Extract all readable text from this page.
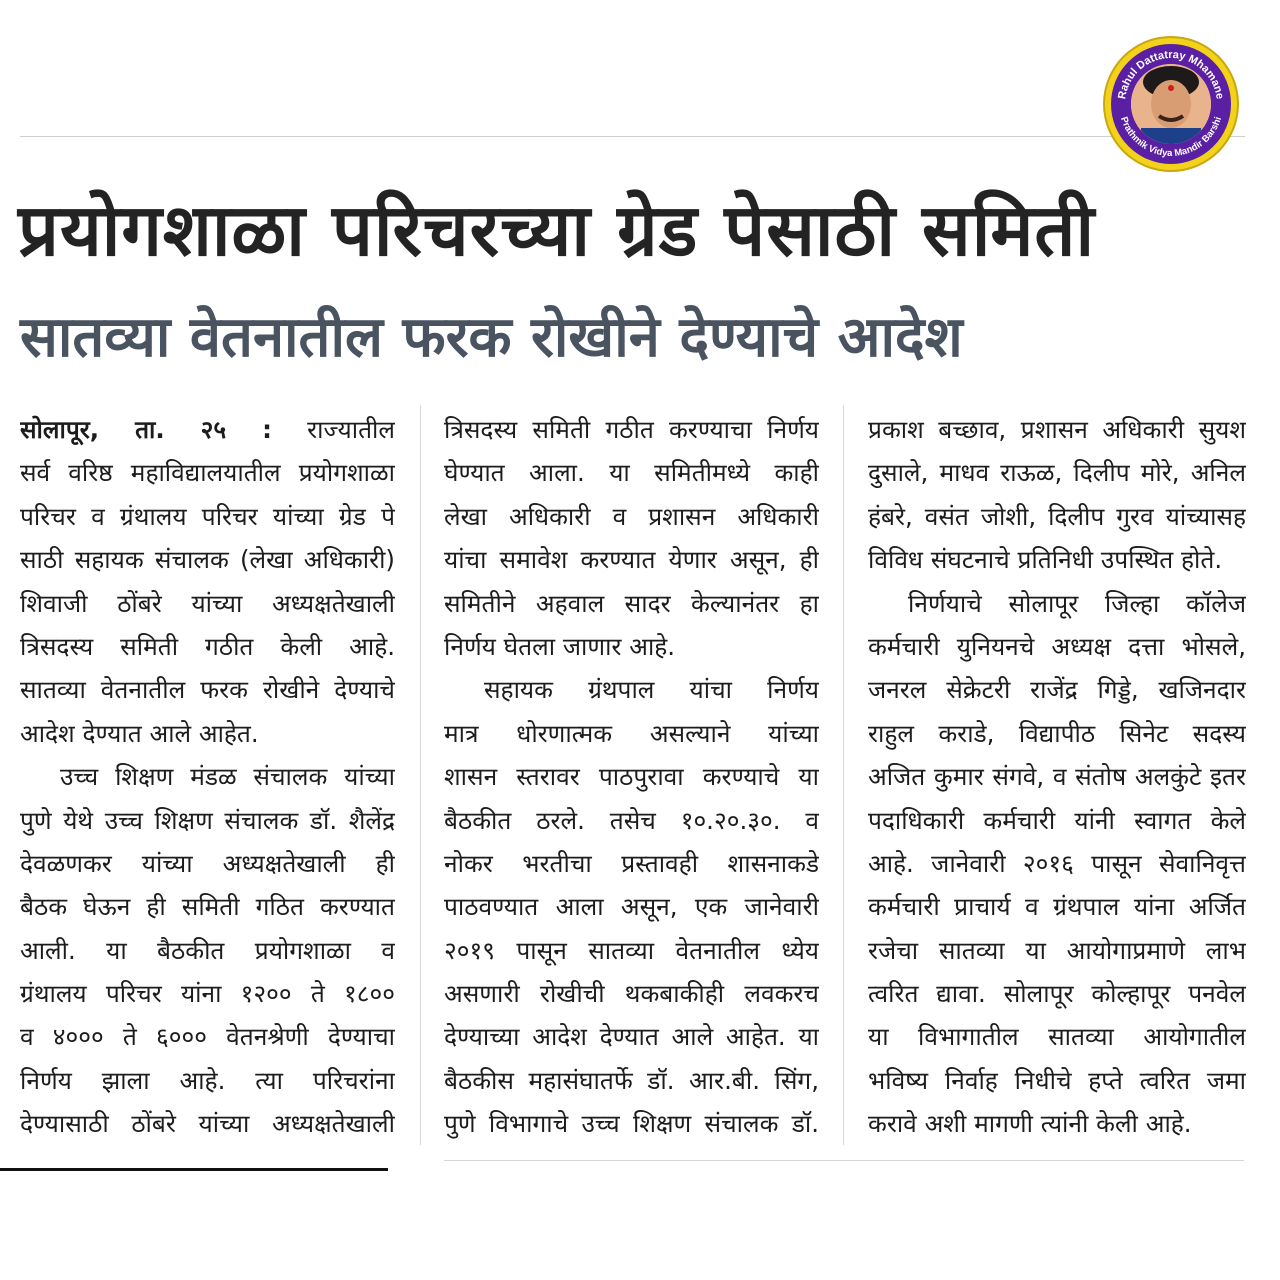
Rahul Dattatray Mhamane
Prathmik Vidya Mandir Barshi
प्रयोगशाळा परिचरच्या ग्रेड पेसाठी समिती
सातव्या वेतनातील फरक रोखीने देण्याचे आदेश
सोलापूर, ता. २५ : राज्यातील
सर्व वरिष्ठ महाविद्यालयातील प्रयोगशाळा
परिचर व ग्रंथालय परिचर यांच्या ग्रेड पे
साठी सहायक संचालक (लेखा अधिकारी)
शिवाजी ठोंबरे यांच्या अध्यक्षतेखाली
त्रिसदस्य समिती गठीत केली आहे.
सातव्या वेतनातील फरक रोखीने देण्याचे
आदेश देण्यात आले आहेत.
उच्च शिक्षण मंडळ संचालक यांच्या
पुणे येथे उच्च शिक्षण संचालक डॉ. शैलेंद्र
देवळणकर यांच्या अध्यक्षतेखाली ही
बैठक घेऊन ही समिती गठित करण्यात
आली. या बैठकीत प्रयोगशाळा व
ग्रंथालय परिचर यांना १२०० ते १८००
व ४००० ते ६००० वेतनश्रेणी देण्याचा
निर्णय झाला आहे. त्या परिचरांना
देण्यासाठी ठोंबरे यांच्या अध्यक्षतेखाली
त्रिसदस्य समिती गठीत करण्याचा निर्णय
घेण्यात आला. या समितीमध्ये काही
लेखा अधिकारी व प्रशासन अधिकारी
यांचा समावेश करण्यात येणार असून, ही
समितीने अहवाल सादर केल्यानंतर हा
निर्णय घेतला जाणार आहे.
सहायक ग्रंथपाल यांचा निर्णय
मात्र धोरणात्मक असल्याने यांच्या
शासन स्तरावर पाठपुरावा करण्याचे या
बैठकीत ठरले. तसेच १०.२०.३०. व
नोकर भरतीचा प्रस्तावही शासनाकडे
पाठवण्यात आला असून, एक जानेवारी
२०१९ पासून सातव्या वेतनातील ध्येय
असणारी रोखीची थकबाकीही लवकरच
देण्याच्या आदेश देण्यात आले आहेत. या
बैठकीस महासंघातर्फे डॉ. आर.बी. सिंग,
पुणे विभागाचे उच्च शिक्षण संचालक डॉ.
प्रकाश बच्छाव, प्रशासन अधिकारी सुयश
दुसाले, माधव राऊळ, दिलीप मोरे, अनिल
हंबरे, वसंत जोशी, दिलीप गुरव यांच्यासह
विविध संघटनाचे प्रतिनिधी उपस्थित होते.
निर्णयाचे सोलापूर जिल्हा कॉलेज
कर्मचारी युनियनचे अध्यक्ष दत्ता भोसले,
जनरल सेक्रेटरी राजेंद्र गिड्डे, खजिनदार
राहुल कराडे, विद्यापीठ सिनेट सदस्य
अजित कुमार संगवे, व संतोष अलकुंटे इतर
पदाधिकारी कर्मचारी यांनी स्वागत केले
आहे. जानेवारी २०१६ पासून सेवानिवृत्त
कर्मचारी प्राचार्य व ग्रंथपाल यांना अर्जित
रजेचा सातव्या या आयोगाप्रमाणे लाभ
त्वरित द्यावा. सोलापूर कोल्हापूर पनवेल
या विभागातील सातव्या आयोगातील
भविष्य निर्वाह निधीचे हप्ते त्वरित जमा
करावे अशी मागणी त्यांनी केली आहे.
